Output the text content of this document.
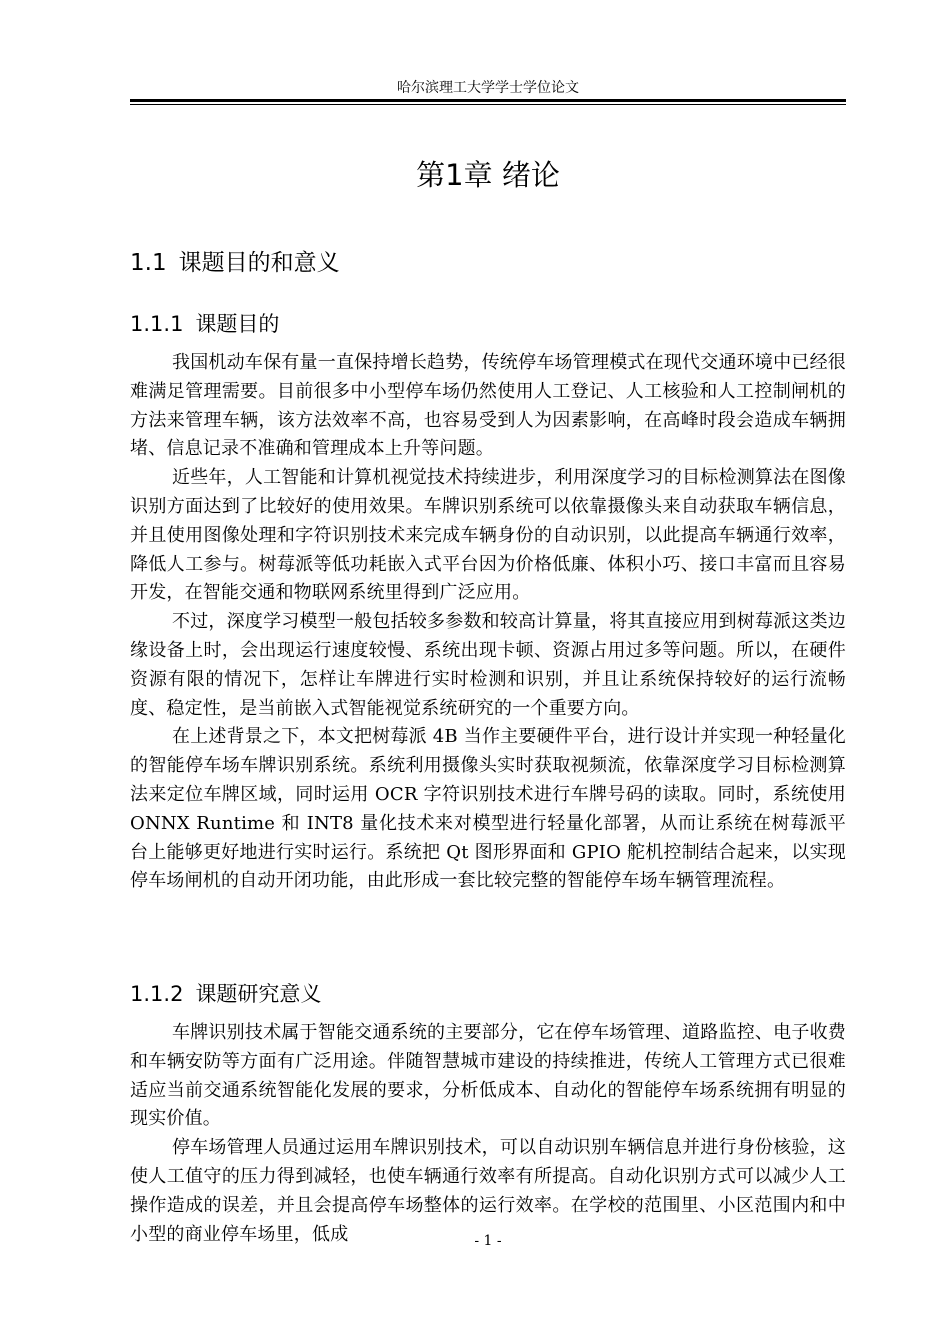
哈尔滨理工大学学士学位论文
第1章 绪论
1.1 课题目的和意义
1.1.1 课题目的

我国机动车保有量一直保持增长趋势，传统停车场管理模式在现代交通环境中已经很难满足管理需要。目前很多中小型停车场仍然使用人工登记、人工核验和人工控制闸机的方法来管理车辆，该方法效率不高，也容易受到人为因素影响，在高峰时段会造成车辆拥堵、信息记录不准确和管理成本上升等问题。

近些年，人工智能和计算机视觉技术持续进步，利用深度学习的目标检测算法在图像识别方面达到了比较好的使用效果。车牌识别系统可以依靠摄像头来自动获取车辆信息，并且使用图像处理和字符识别技术来完成车辆身份的自动识别，以此提高车辆通行效率，降低人工参与。树莓派等低功耗嵌入式平台因为价格低廉、体积小巧、接口丰富而且容易开发，在智能交通和物联网系统里得到广泛应用。

不过，深度学习模型一般包括较多参数和较高计算量，将其直接应用到树莓派这类边缘设备上时，会出现运行速度较慢、系统出现卡顿、资源占用过多等问题。所以，在硬件资源有限的情况下，怎样让车牌进行实时检测和识别，并且让系统保持较好的运行流畅度、稳定性，是当前嵌入式智能视觉系统研究的一个重要方向。

在上述背景之下，本文把树莓派 4B 当作主要硬件平台，进行设计并实现一种轻量化的智能停车场车牌识别系统。系统利用摄像头实时获取视频流，依靠深度学习目标检测算法来定位车牌区域，同时运用 OCR 字符识别技术进行车牌号码的读取。同时，系统使用 ONNX Runtime 和 INT8 量化技术来对模型进行轻量化部署，从而让系统在树莓派平台上能够更好地进行实时运行。系统把 Qt 图形界面和 GPIO 舵机控制结合起来，以实现停车场闸机的自动开闭功能，由此形成一套比较完整的智能停车场车辆管理流程。

1.1.2 课题研究意义

车牌识别技术属于智能交通系统的主要部分，它在停车场管理、道路监控、电子收费和车辆安防等方面有广泛用途。伴随智慧城市建设的持续推进，传统人工管理方式已很难适应当前交通系统智能化发展的要求，分析低成本、自动化的智能停车场系统拥有明显的现实价值。

停车场管理人员通过运用车牌识别技术，可以自动识别车辆信息并进行身份核验，这使人工值守的压力得到减轻，也使车辆通行效率有所提高。自动化识别方式可以减少人工操作造成的误差，并且会提高停车场整体的运行效率。在学校的范围里、小区范围内和中小型的商业停车场里，低成	- 1 -
